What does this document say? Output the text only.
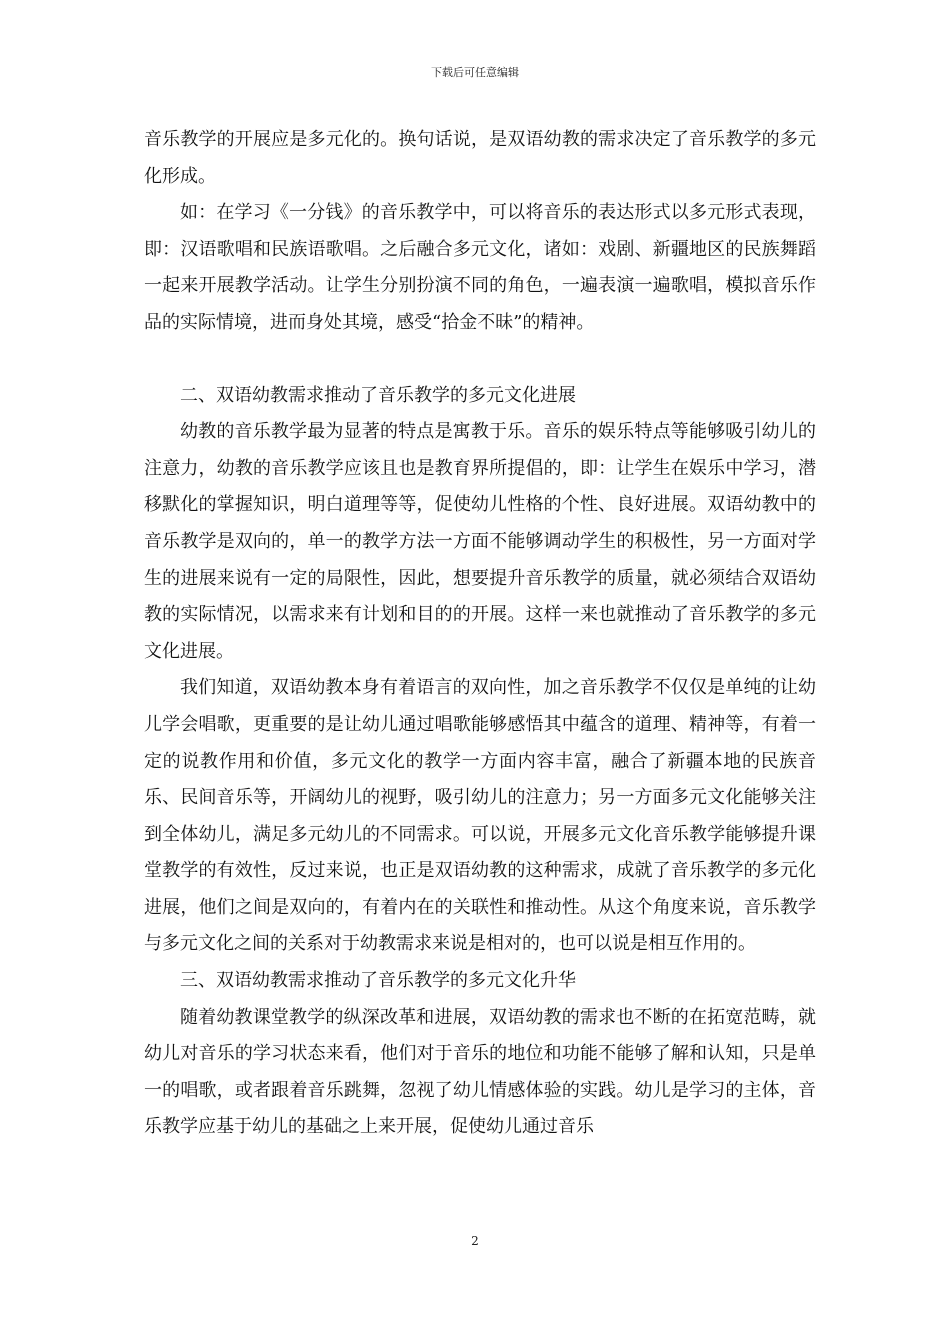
下载后可任意编辑

音乐教学的开展应是多元化的。换句话说，是双语幼教的需求决定了音乐教学的多元化形成。

如：在学习《一分钱》的音乐教学中，可以将音乐的表达形式以多元形式表现，即：汉语歌唱和民族语歌唱。之后融合多元文化，诸如：戏剧、新疆地区的民族舞蹈一起来开展教学活动。让学生分别扮演不同的角色，一遍表演一遍歌唱，模拟音乐作品的实际情境，进而身处其境，感受“拾金不昧”的精神。

二、双语幼教需求推动了音乐教学的多元文化进展

幼教的音乐教学最为显著的特点是寓教于乐。音乐的娱乐特点等能够吸引幼儿的注意力，幼教的音乐教学应该且也是教育界所提倡的，即：让学生在娱乐中学习，潜移默化的掌握知识，明白道理等等，促使幼儿性格的个性、良好进展。双语幼教中的音乐教学是双向的，单一的教学方法一方面不能够调动学生的积极性，另一方面对学生的进展来说有一定的局限性，因此，想要提升音乐教学的质量，就必须结合双语幼教的实际情况，以需求来有计划和目的的开展。这样一来也就推动了音乐教学的多元文化进展。

我们知道，双语幼教本身有着语言的双向性，加之音乐教学不仅仅是单纯的让幼儿学会唱歌，更重要的是让幼儿通过唱歌能够感悟其中蕴含的道理、精神等，有着一定的说教作用和价值，多元文化的教学一方面内容丰富，融合了新疆本地的民族音乐、民间音乐等，开阔幼儿的视野，吸引幼儿的注意力；另一方面多元文化能够关注到全体幼儿，满足多元幼儿的不同需求。可以说，开展多元文化音乐教学能够提升课堂教学的有效性，反过来说，也正是双语幼教的这种需求，成就了音乐教学的多元化进展，他们之间是双向的，有着内在的关联性和推动性。从这个角度来说，音乐教学与多元文化之间的关系对于幼教需求来说是相对的，也可以说是相互作用的。

三、双语幼教需求推动了音乐教学的多元文化升华

随着幼教课堂教学的纵深改革和进展，双语幼教的需求也不断的在拓宽范畴，就幼儿对音乐的学习状态来看，他们对于音乐的地位和功能不能够了解和认知，只是单一的唱歌，或者跟着音乐跳舞，忽视了幼儿情感体验的实践。幼儿是学习的主体，音乐教学应基于幼儿的基础之上来开展，促使幼儿通过音乐

2
